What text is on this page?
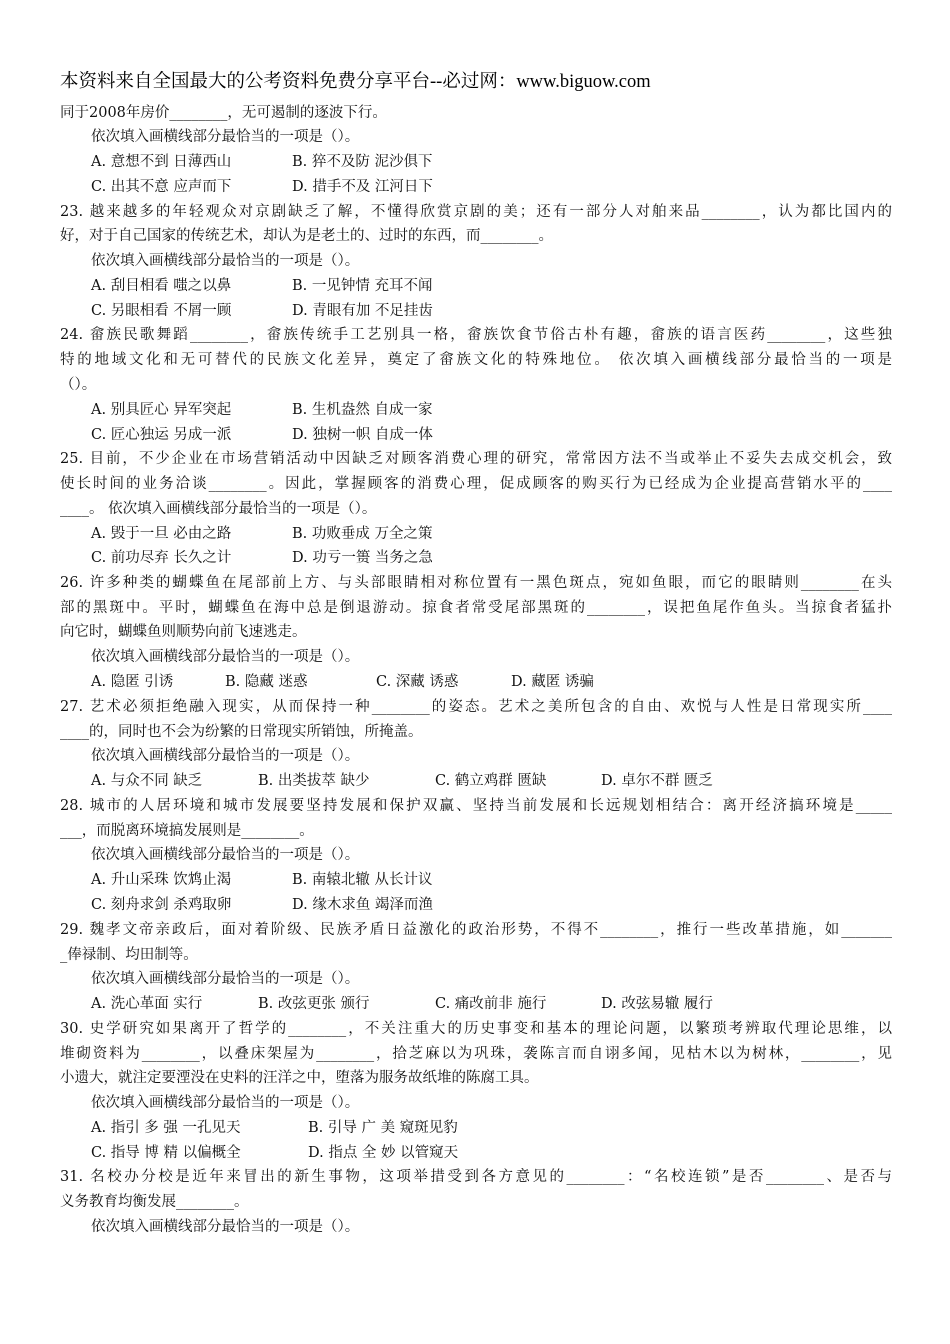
本资料来自全国最大的公考资料免费分享平台--必过网：www.biguow.com
同于2008年房价________，无可遏制的逐波下行。
依次填入画横线部分最恰当的一项是（）。
A. 意想不到 日薄西山	B. 猝不及防 泥沙俱下
C. 出其不意 应声而下	D. 措手不及 江河日下
23. 越来越多的年轻观众对京剧缺乏了解，不懂得欣赏京剧的美；还有一部分人对舶来品________，认为都比国内的
好，对于自己国家的传统艺术，却认为是老土的、过时的东西，而________。
依次填入画横线部分最恰当的一项是（）。
A. 刮目相看 嗤之以鼻	B. 一见钟情 充耳不闻
C. 另眼相看 不屑一顾	D. 青眼有加 不足挂齿
24. 畲族民歌舞蹈________，畲族传统手工艺别具一格，畲族饮食节俗古朴有趣，畲族的语言医药________，这些独
特的地域文化和无可替代的民族文化差异，奠定了畲族文化的特殊地位。 依次填入画横线部分最恰当的一项是
（）。
A. 别具匠心 异军突起	B. 生机盎然 自成一家
C. 匠心独运 另成一派	D. 独树一帜 自成一体
25. 目前，不少企业在市场营销活动中因缺乏对顾客消费心理的研究，常常因方法不当或举止不妥失去成交机会，致
使长时间的业务洽谈________。因此，掌握顾客的消费心理，促成顾客的购买行为已经成为企业提高营销水平的____
____。 依次填入画横线部分最恰当的一项是（）。
A. 毁于一旦 必由之路	B. 功败垂成 万全之策
C. 前功尽弃 长久之计	D. 功亏一篑 当务之急
26. 许多种类的蝴蝶鱼在尾部前上方、与头部眼睛相对称位置有一黑色斑点，宛如鱼眼，而它的眼睛则________在头
部的黑斑中。平时，蝴蝶鱼在海中总是倒退游动。掠食者常受尾部黑斑的________，误把鱼尾作鱼头。当掠食者猛扑
向它时，蝴蝶鱼则顺势向前飞速逃走。
依次填入画横线部分最恰当的一项是（）。
A. 隐匿 引诱	B. 隐藏 迷惑	C. 深藏 诱惑	D. 藏匿 诱骗
27. 艺术必须拒绝融入现实，从而保持一种________的姿态。艺术之美所包含的自由、欢悦与人性是日常现实所____
____的，同时也不会为纷繁的日常现实所销蚀，所掩盖。
依次填入画横线部分最恰当的一项是（）。
A. 与众不同 缺乏	B. 出类拔萃 缺少	C. 鹤立鸡群 匮缺	D. 卓尔不群 匮乏
28. 城市的人居环境和城市发展要坚持发展和保护双赢、坚持当前发展和长远规划相结合：离开经济搞环境是_____
___，而脱离环境搞发展则是________。
依次填入画横线部分最恰当的一项是（）。
A. 升山采珠 饮鸩止渴	B. 南辕北辙 从长计议
C. 刻舟求剑 杀鸡取卵	D. 缘木求鱼 竭泽而渔
29. 魏孝文帝亲政后，面对着阶级、民族矛盾日益激化的政治形势，不得不________，推行一些改革措施，如_______
_俸禄制、均田制等。
依次填入画横线部分最恰当的一项是（）。
A. 洗心革面 实行	B. 改弦更张 颁行	C. 痛改前非 施行	D. 改弦易辙 履行
30. 史学研究如果离开了哲学的________，不关注重大的历史事变和基本的理论问题，以繁琐考辨取代理论思维，以
堆砌资料为________，以叠床架屋为________，拾芝麻以为巩珠，袭陈言而自诩多闻，见枯木以为树林，________，见
小遗大，就注定要湮没在史料的汪洋之中，堕落为服务故纸堆的陈腐工具。
依次填入画横线部分最恰当的一项是（）。
A. 指引 多 强 一孔见天	B. 引导 广 美 窥斑见豹
C. 指导 博 精 以偏概全	D. 指点 全 妙 以管窥天
31. 名校办分校是近年来冒出的新生事物，这项举措受到各方意见的________：“名校连锁”是否________、是否与
义务教育均衡发展________。
依次填入画横线部分最恰当的一项是（）。
